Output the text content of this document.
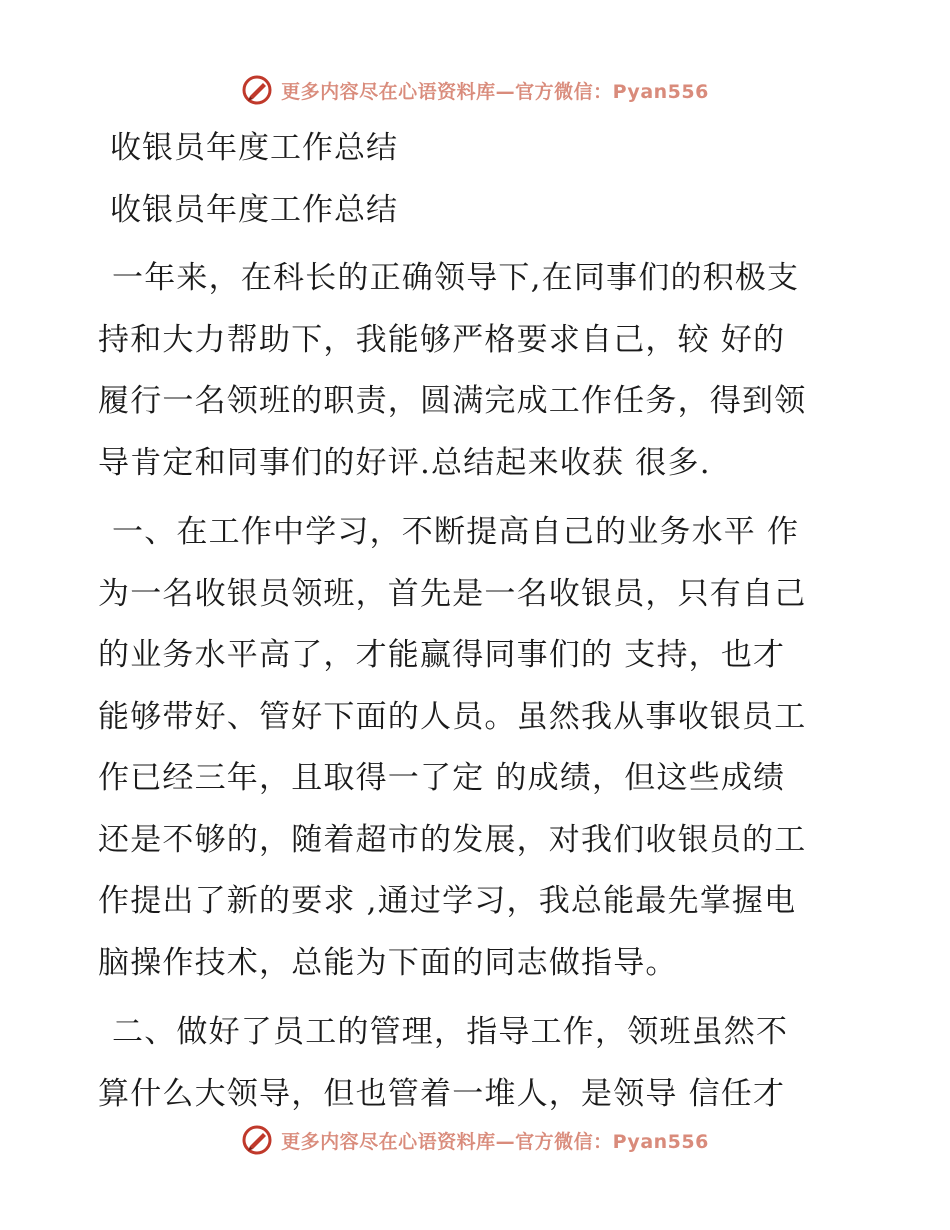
更多内容尽在心语资料库—官方微信：Pyan556
收银员年度工作总结
收银员年度工作总结
一年来，在科长的正确领导下,在同事们的积极支
持和大力帮助下，我能够严格要求自己，较 好的
履行一名领班的职责，圆满完成工作任务，得到领
导肯定和同事们的好评.总结起来收获 很多.
一、在工作中学习，不断提高自己的业务水平 作
为一名收银员领班，首先是一名收银员，只有自己
的业务水平高了，才能赢得同事们的 支持，也才
能够带好、管好下面的人员。虽然我从事收银员工
作已经三年，且取得一了定 的成绩，但这些成绩
还是不够的，随着超市的发展，对我们收银员的工
作提出了新的要求 ,通过学习，我总能最先掌握电
脑操作技术，总能为下面的同志做指导。
二、做好了员工的管理，指导工作，领班虽然不
算什么大领导，但也管着一堆人，是领导 信任才
更多内容尽在心语资料库—官方微信：Pyan556
